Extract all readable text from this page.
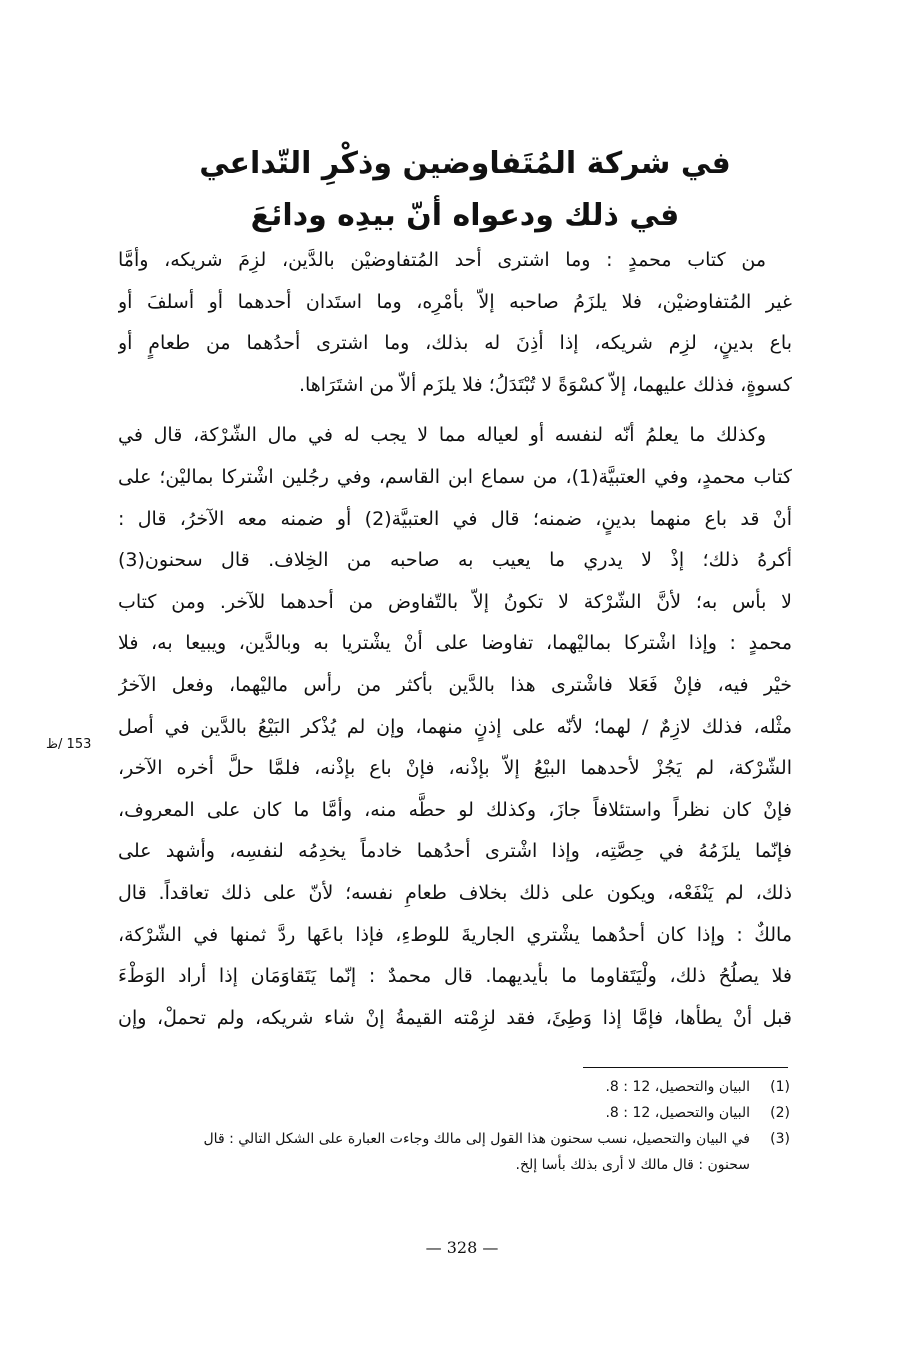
في شركة المُتَفاوضين وذكْرِ التّداعي
في ذلك ودعواه أنّ بيدِه ودائعَ
من كتاب محمدٍ : وما اشترى أحد المُتفاوضيْن بالدَّين، لزِمَ شريكه، وأمَّا
غير المُتفاوضيْن، فلا يلزَمُ صاحبه إلاّ بأمْرِه، وما استَدان أحدهما أو أسلفَ أو
باع بدينٍ، لزِم شريكه، إذا أذِنَ له بذلك، وما اشترى أحدُهما من طعامٍ أو
كسوةٍ، فذلك عليهما، إلاّ كسْوَةً لا تُبْتَدَلُ؛ فلا يلزَم ألاّ من اشتَرَاها.
وكذلك ما يعلمُ أنّه لنفسه أو لعياله مما لا يجب له في مال الشّرْكة، قال في
كتاب محمدٍ، وفي العتبيَّة(1)، من سماع ابن القاسم، وفي رجُلين اشْتركا بماليْن؛ على
أنْ قد باع منهما بدينٍ، ضمنه؛ قال في العتبيَّة(2) أو ضمنه معه الآخرُ، قال :
أكرهُ ذلك؛ إذْ لا يدري ما يعيب به صاحبه من الخِلاف. قال سحنون(3)
لا بأس به؛ لأنَّ الشّرْكة لا تكونُ إلاّ بالتّفاوض من أحدهما للآخر. ومن كتاب
محمدٍ : وإذا اشْتركا بماليْهما، تفاوضا على أنْ يشْتريا به وبالدَّين، ويبيعا به، فلا
خيْر فيه، فإنْ فَعَلا فاشْترى هذا بالدَّين بأكثر من رأس ماليْهما، وفعل الآخرُ
مثْله، فذلك لازِمٌ / لهما؛ لأنّه على إذنٍ منهما، وإن لم يُذْكر البَيْعُ بالدَّين في أصل
الشّرْكة، لم يَجُزْ لأحدهما البيْعُ إلاّ بإذْنه، فإنْ باع بإذْنه، فلمَّا حلَّ أخره الآخر،
فإنْ كان نظراً واستئلافاً جازَ، وكذلك لو حطَّه منه، وأمَّا ما كان على المعروف،
فإنّما يلزَمُهُ في حِصَّتِه، وإذا اشْترى أحدُهما خادماً يخدِمُه لنفسِه، وأشهد على
ذلك، لم يَنْفَعْه، ويكون على ذلك بخلاف طعامِ نفسه؛ لأنّ على ذلك تعاقداً. قال
مالكٌ : وإذا كان أحدُهما يشْتري الجاريةَ للوطءِ، فإذا باعَها ردَّ ثمنها في الشّرْكة،
فلا يصلُحُ ذلك، ولْيَتَقاوما ما بأيديهما. قال محمدٌ : إنّما يَتَقاوَمَان إذا أراد الوَطْءَ
قبل أنْ يطأها، فإمَّا إذا وَطِئَ، فقد لزِمْته القيمةُ إنْ شاء شريكه، ولم تحملْ، وإن
153 /ظ
(1)
البيان والتحصيل، 12 : 8.
(2)
البيان والتحصيل، 12 : 8.
(3)
في البيان والتحصيل، نسب سحنون هذا القول إلى مالك وجاءت العبارة على الشكل التالي : قال
سحنون : قال مالك لا أرى بذلك بأسا إلخ.
— 328 —
